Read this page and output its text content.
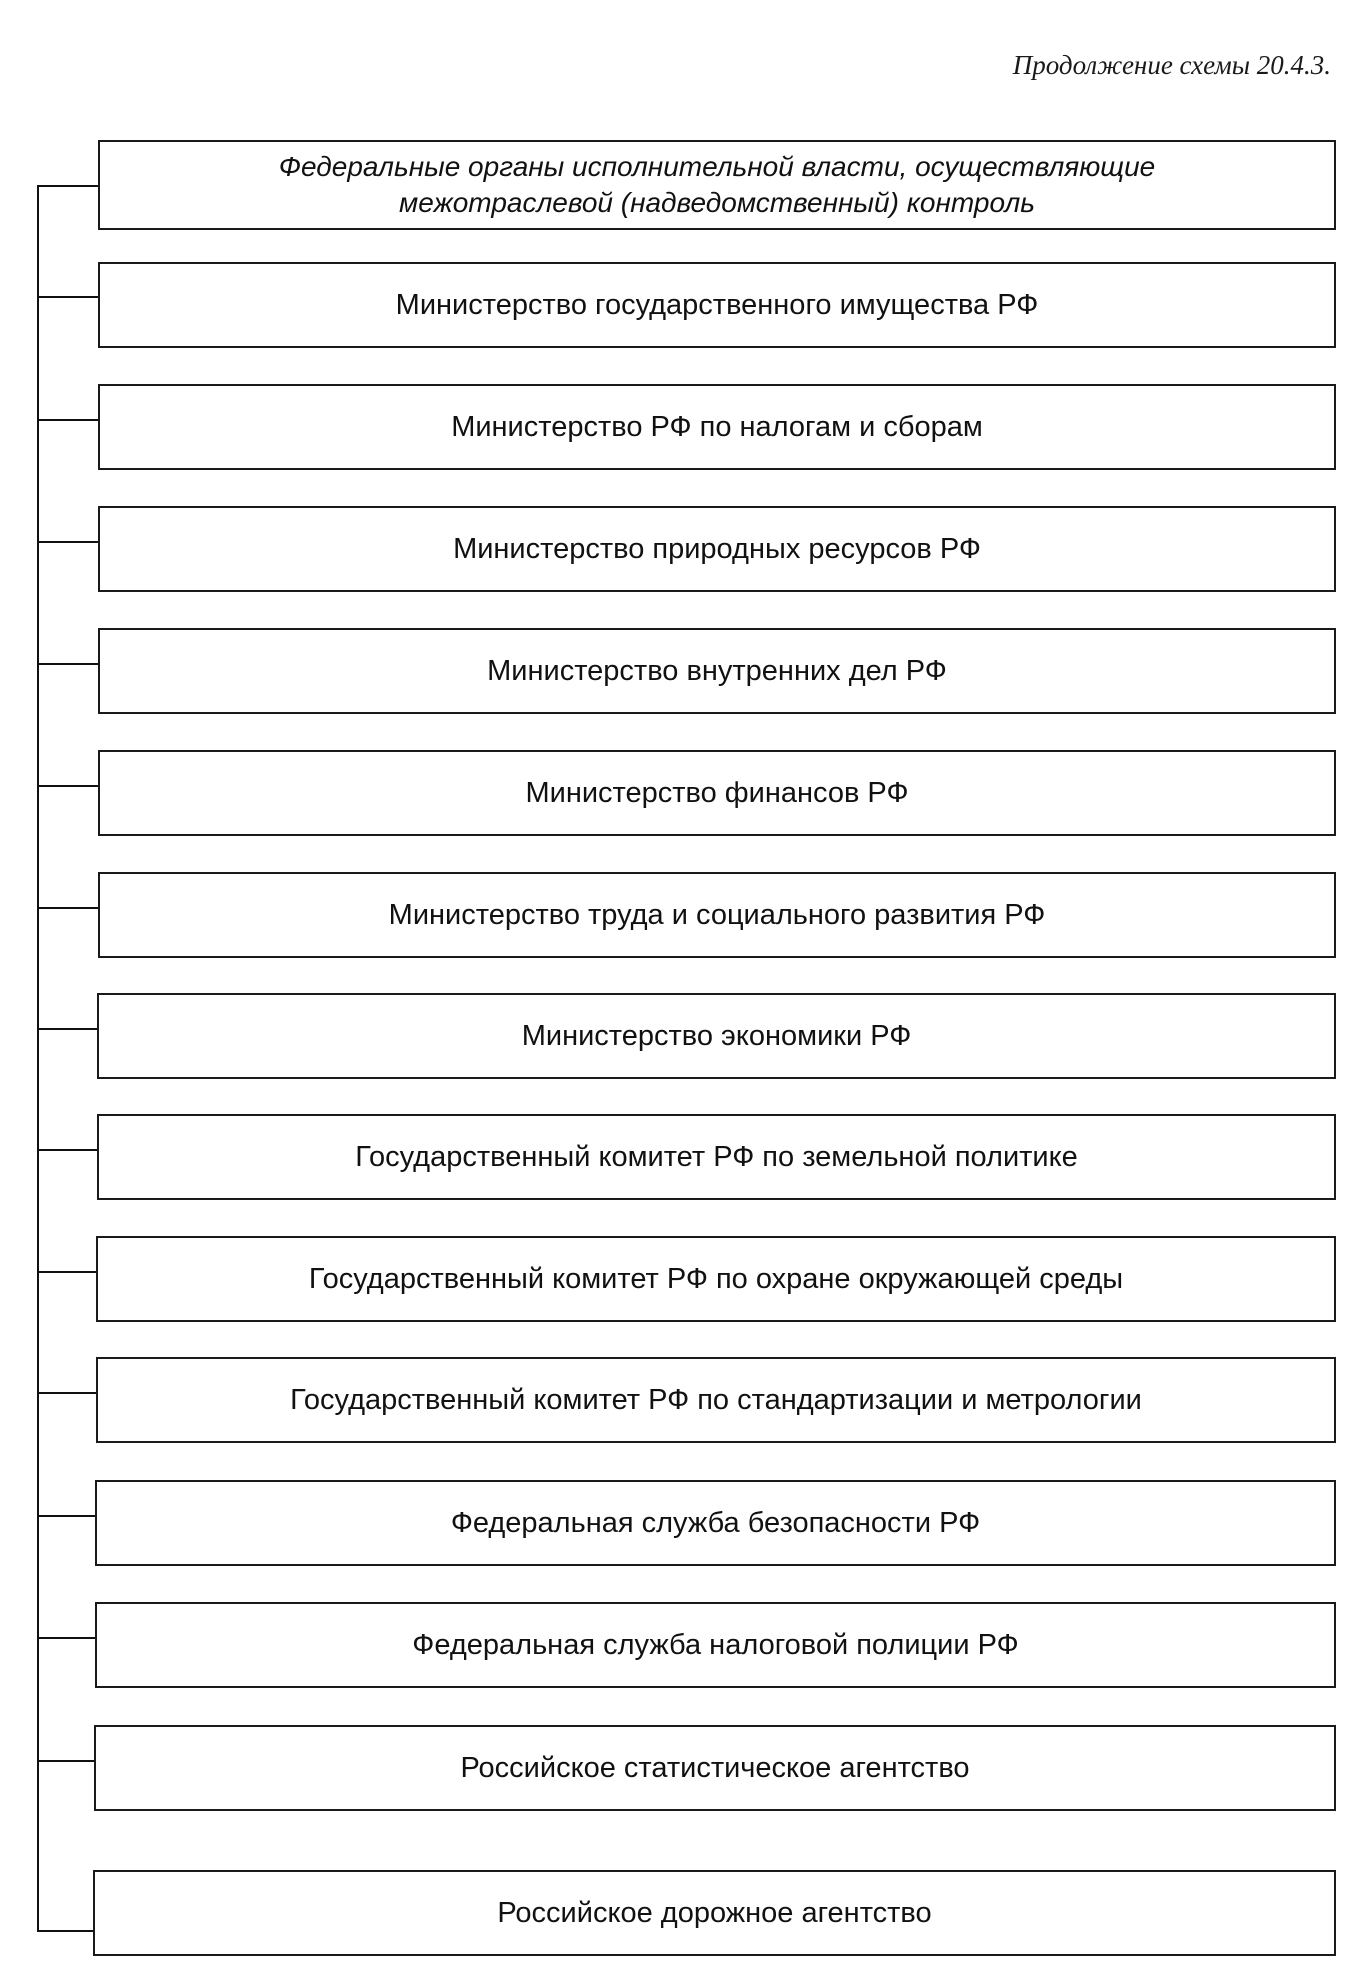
Продолжение схемы 20.4.3.
Федеральные органы исполнительной власти, осуществляющие
межотраслевой (надведомственный) контроль
Министерство государственного имущества РФ
Министерство РФ по налогам и сборам
Министерство природных ресурсов РФ
Министерство внутренних дел РФ
Министерство финансов РФ
Министерство труда и социального развития РФ
Министерство экономики РФ
Государственный комитет РФ по земельной политике
Государственный комитет РФ по охране окружающей среды
Государственный комитет РФ по стандартизации и метрологии
Федеральная служба безопасности РФ
Федеральная служба налоговой полиции РФ
Российское статистическое агентство
Российское дорожное агентство
